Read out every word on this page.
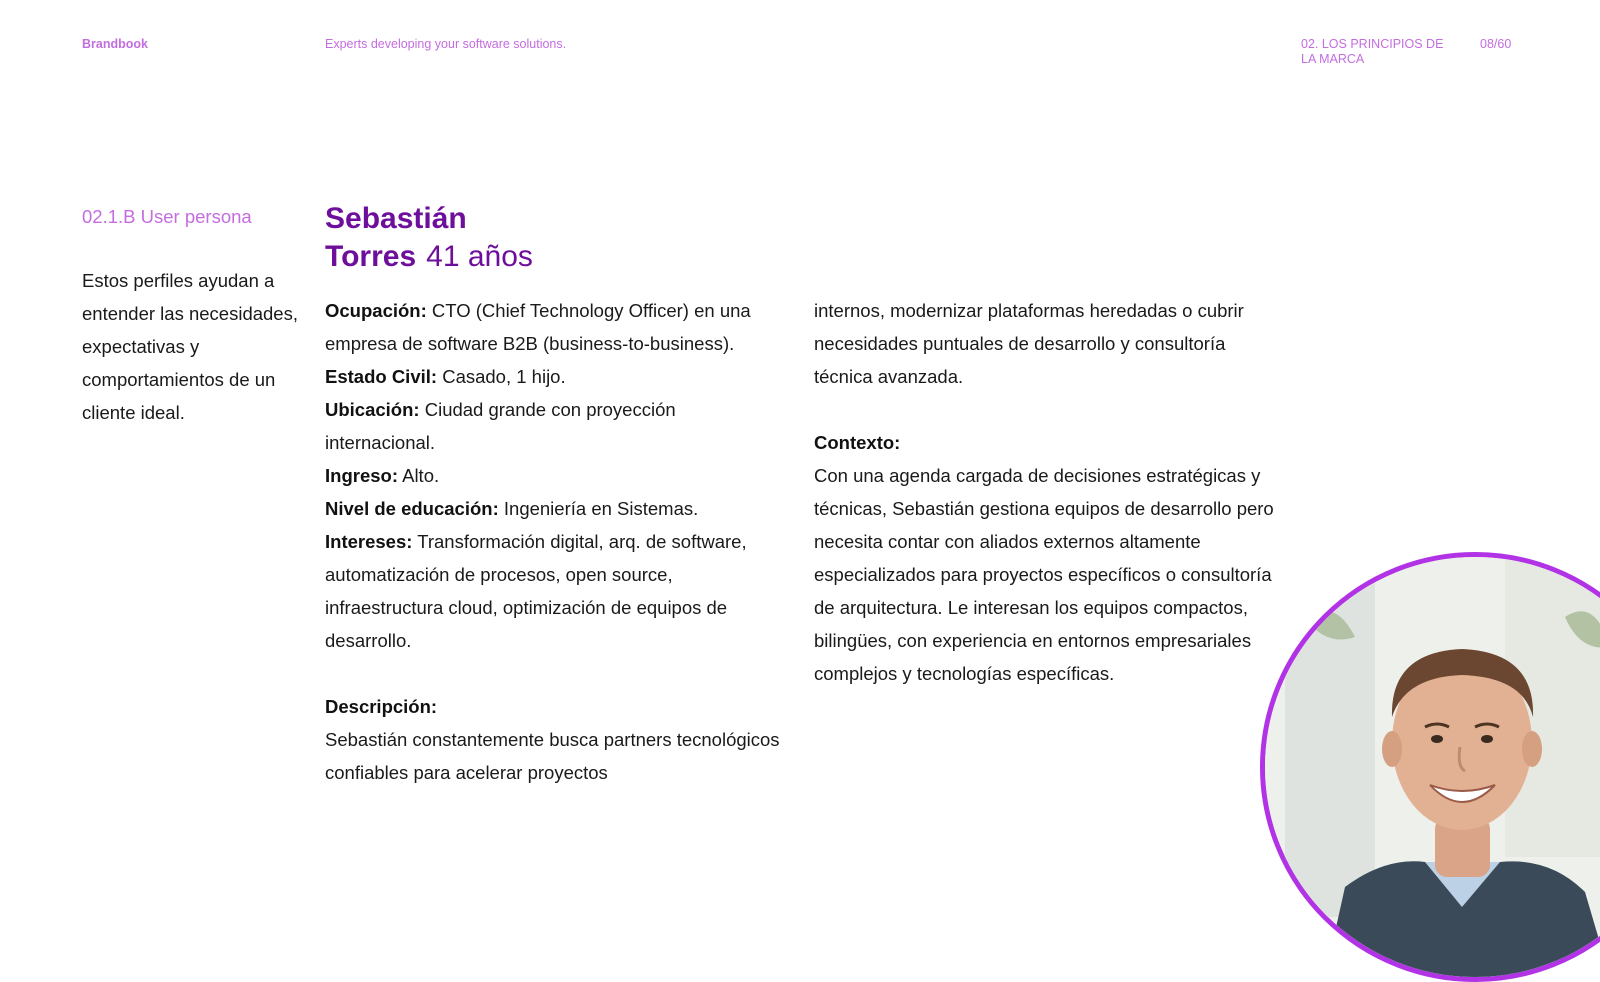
Brandbook	Experts developing your software solutions.	02. LOS PRINCIPIOS DE LA MARCA
08/60
02.1.B User persona
Estos perfiles ayudan a entender las necesidades, expectativas y comportamientos de un cliente ideal.
Sebastián
Torres 41 años

Ocupación: CTO (Chief Technology Officer) en una empresa de software B2B (business-to-business).

Estado Civil: Casado, 1 hijo.

Ubicación: Ciudad grande con proyección internacional.

Ingreso: Alto.

Nivel de educación: Ingeniería en Sistemas.

Intereses: Transformación digital, arq. de software, automatización de procesos, open source, infraestructura cloud, optimización de equipos de desarrollo.

Descripción:

Sebastián constantemente busca partners tecnológicos confiables para acelerar proyectos

internos, modernizar plataformas heredadas o cubrir necesidades puntuales de desarrollo y consultoría técnica avanzada.

Contexto:

Con una agenda cargada de decisiones estratégicas y técnicas, Sebastián gestiona equipos de desarrollo pero necesita contar con aliados externos altamente especializados para proyectos específicos o consultoría de arquitectura. Le interesan los equipos compactos, bilingües, con experiencia en entornos empresariales complejos y tecnologías específicas.
